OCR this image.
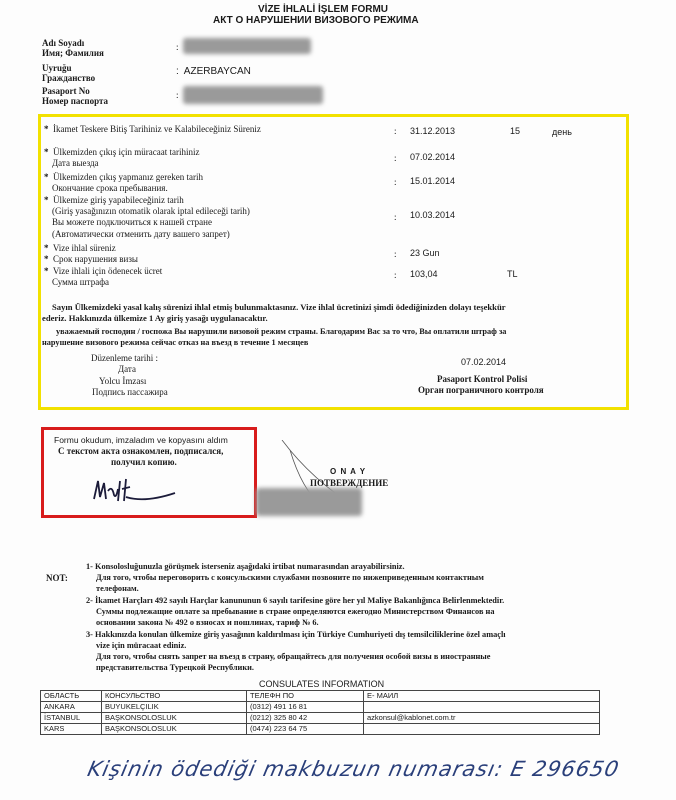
VİZE İHLALİ İŞLEM FORMU
АКТ О НАРУШЕНИИ ВИЗОВОГО РЕЖИМА
Adı Soyadı
Имя; Фамилия
:
Uyruğu
Гражданство
:  AZERBAYCAN
Pasaport No
Номер паспорта
:
* İkamet Teskere Bitiş Tarihiniz ve Kalabileceğiniz Süreniz	: 31.12.2013	15	день
* Ülkemizden çıkış için müracaat tarihiniz
Дата выезда	: 07.02.2014
* Ülkemizden çıkış yapmanız gereken tarih
Окончание срока пребывания.
: 15.01.2014
* Ülkemize giriş yapabileceğiniz tarih
(Giriş yasağınızın otomatik olarak iptal edileceği tarih)
Вы можете подключиться к нашей стране
(Автоматически отменить дату вашего запрет)
: 10.03.2014
* Vize ihlal süreniz
* Срок нарушения визы	: 23 Gun
* Vize ihlali için ödenecek ücret
Сумма штрафа
: 103,04	TL
Sayın Ülkemizdeki yasal kalış sürenizi ihlal etmiş bulunmaktasınız. Vize ihlal ücretinizi şimdi ödediğinizden dolayı teşekkür
ederiz. Hakkınızda ülkemize 1 Ay giriş yasağı uygulanacaktır.
уважаемый господин / госпожа Вы нарушили визовой режим страны. Благодарим Вас за то что, Вы оплатили штраф за
нарушение визового режима сейчас отказ на въезд в течение 1 месяцев
Düzenleme tarihi :
Дата
07.02.2014
Yolcu İmzası
Подпись пассажира
Pasaport Kontrol Polisi
Орган пограничного контроля
Formu okudum, imzaladım ve kopyasını aldım
С текстом акта ознакомлен, подписался,
получил копию.
O N A Y
ПОТВЕРЖДЕНИЕ
NOT:
1- Konsolosluğunuzla görüşmek isterseniz aşağıdaki irtibat numarasından arayabilirsiniz.
Для того, чтобы переговорить с консульскими службами позвоните по нижеприведенным контактным
телефонам.
2- İkamet Harçları 492 sayılı Harçlar kanununun 6 sayılı tarifesine göre her yıl Maliye Bakanlığınca Belirlenmektedir.
Суммы подлежащие оплате за пребывание в стране определяются ежегодно Министерством Финансов на
основании закона № 492 о взносах и пошлинах, тариф № 6.
3- Hakkınızda konulan ülkemize giriş yasağının kaldırılması için Türkiye Cumhuriyeti dış temsilciliklerine özel amaçlı
vize için müracaat ediniz.
Для того, чтобы снять запрет на въезд в страну, обращайтесь для получения особой визы в иностранные
представительства Турецкой Республики.
CONSULATES INFORMATION
ОБЛАСТЬ	КОНСУЛЬСТВО	ТЕЛЕФН ПО	Е- МАИЛ
ANKARA	BUYUKELÇILIK	(0312) 491 16 81	
İSTANBUL	BAŞKONSOLOSLUK	(0212) 325 80 42	azkonsul@kablonet.com.tr
KARS	BAŞKONSOLOSLUK	(0474) 223 64 75	
Kişinin ödediği makbuzun numarası: E 296650
